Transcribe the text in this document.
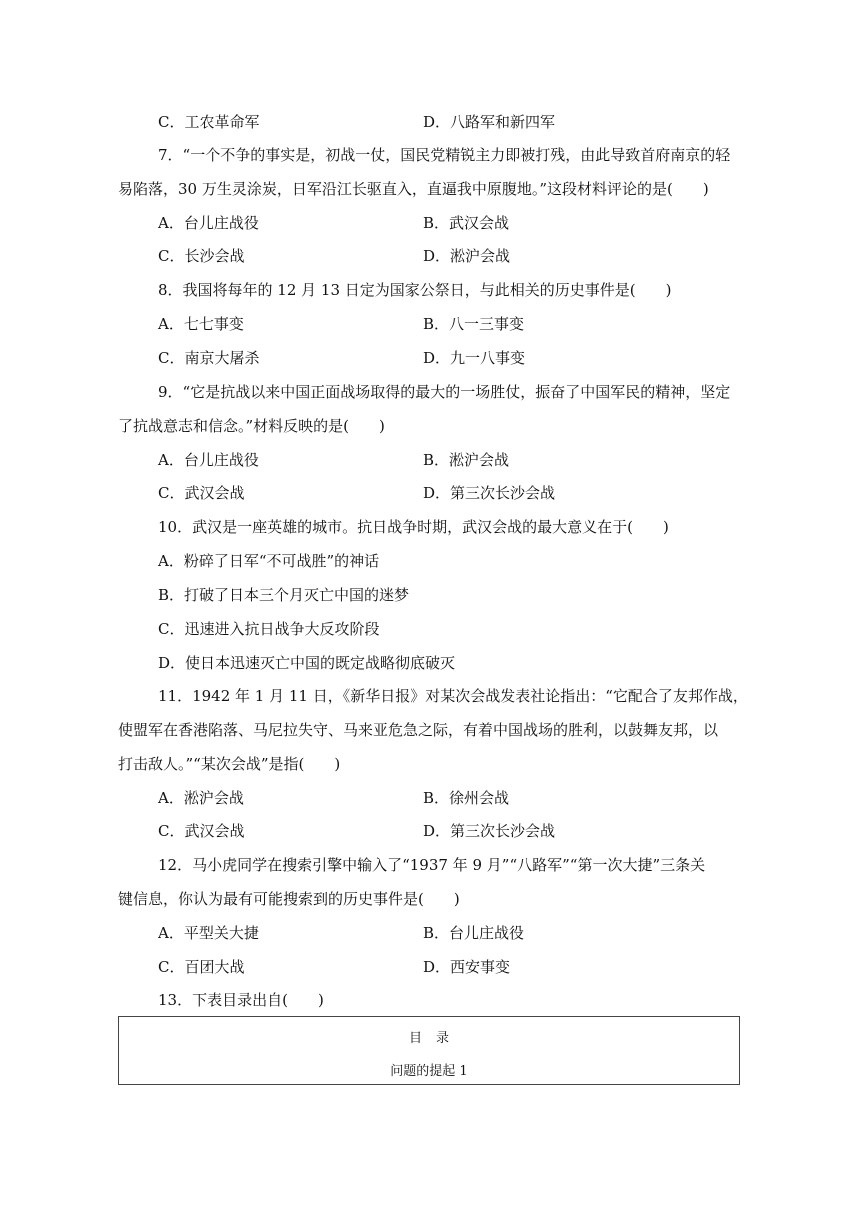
C．工农革命军	D．八路军和新四军
7．“一个不争的事实是，初战一仗，国民党精锐主力即被打残，由此导致首府南京的轻
易陷落，30 万生灵涂炭，日军沿江长驱直入，直逼我中原腹地。”这段材料评论的是(　　)
A．台儿庄战役	B．武汉会战
C．长沙会战	D．淞沪会战
8．我国将每年的 12 月 13 日定为国家公祭日，与此相关的历史事件是(　　)
A．七七事变	B．八一三事变
C．南京大屠杀	D．九一八事变
9．“它是抗战以来中国正面战场取得的最大的一场胜仗，振奋了中国军民的精神，坚定
了抗战意志和信念。”材料反映的是(　　)
A．台儿庄战役	B．淞沪会战
C．武汉会战	D．第三次长沙会战
10．武汉是一座英雄的城市。抗日战争时期，武汉会战的最大意义在于(　　)
A．粉碎了日军“不可战胜”的神话
B．打破了日本三个月灭亡中国的迷梦
C．迅速进入抗日战争大反攻阶段
D．使日本迅速灭亡中国的既定战略彻底破灭
11．1942 年 1 月 11 日，《新华日报》对某次会战发表社论指出：“它配合了友邦作战，
使盟军在香港陷落、马尼拉失守、马来亚危急之际，有着中国战场的胜利，以鼓舞友邦，以
打击敌人。”“某次会战”是指(　　)
A．淞沪会战	B．徐州会战
C．武汉会战	D．第三次长沙会战
12．马小虎同学在搜索引擎中输入了“1937 年 9 月”“八路军”“第一次大捷”三条关
键信息，你认为最有可能搜索到的历史事件是(　　)
A．平型关大捷	B．台儿庄战役
C．百团大战	D．西安事变
13．下表目录出自(　　)
目录
问题的提起 1
